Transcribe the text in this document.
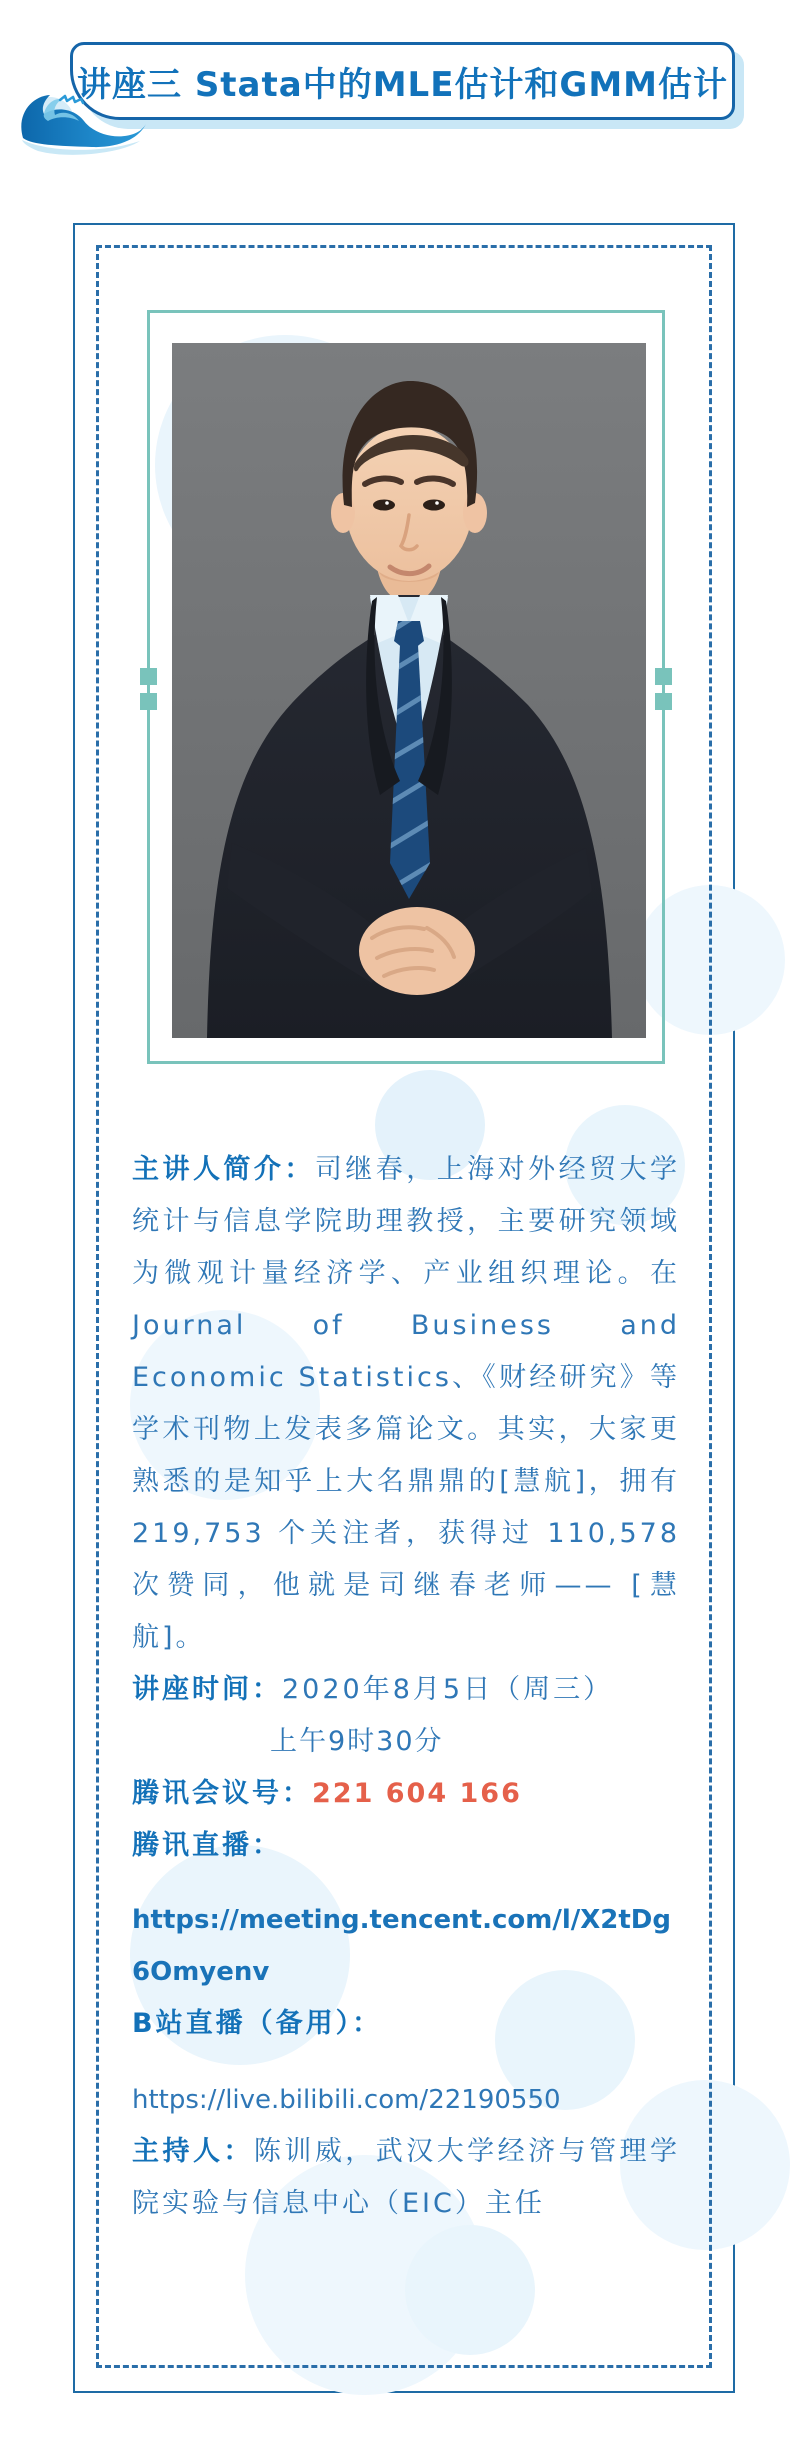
讲座三 Stata中的MLE估计和GMM估计

主讲人简介：司继春，上海对外经贸大学统计与信息学院助理教授，主要研究领域为微观计量经济学、产业组织理论。在 Journal of Business and Economic Statistics、《财经研究》等学术刊物上发表多篇论文。其实，大家更熟悉的是知乎上大名鼎鼎的[慧航]，拥有 219,753 个关注者，获得过 110,578 次赞同，他就是司继春老师—— [慧航]。

讲座时间：2020年8月5日（周三）

上午9时30分

腾讯会议号：221 604 166

腾讯直播：

https://meeting.tencent.com/l/X2tDg6Omyenv

B站直播（备用）：

https://live.bilibili.com/22190550

主持人：陈训威，武汉大学经济与管理学院实验与信息中心（EIC）主任
